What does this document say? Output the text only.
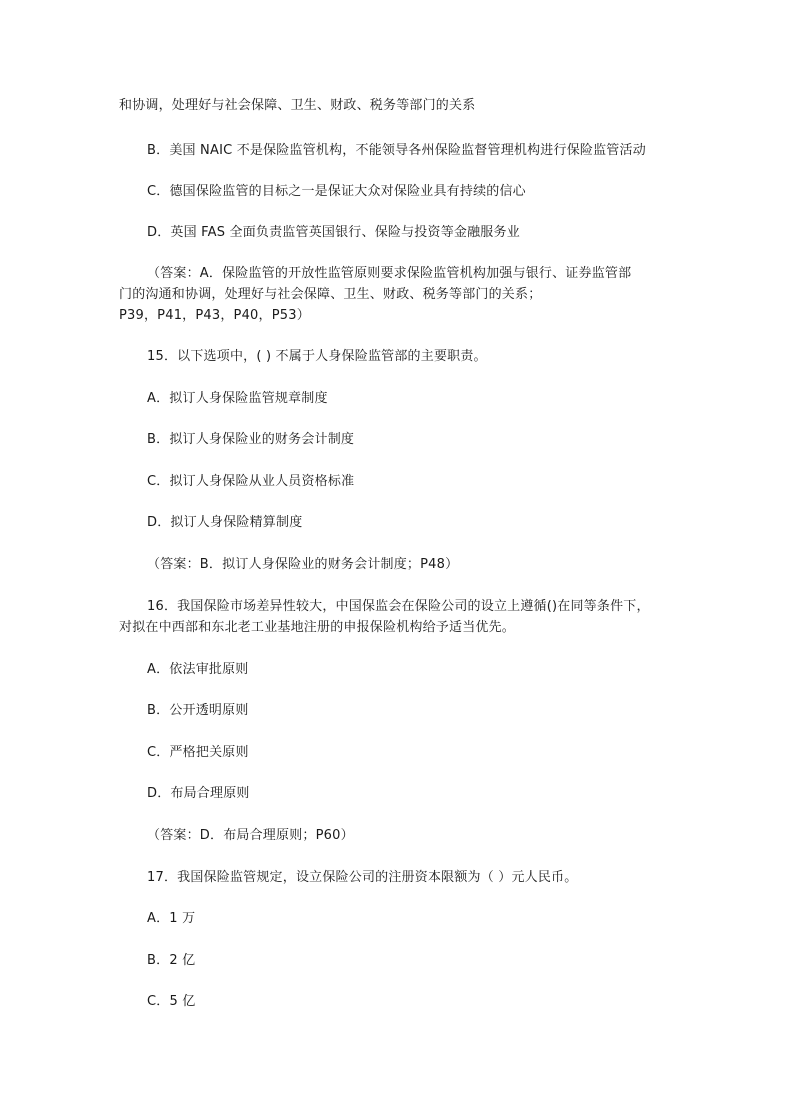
和协调，处理好与社会保障、卫生、财政、税务等部门的关系
B．美国 NAIC 不是保险监管机构，不能领导各州保险监督管理机构进行保险监管活动
C．德国保险监管的目标之一是保证大众对保险业具有持续的信心
D．英国 FAS 全面负责监管英国银行、保险与投资等金融服务业
（答案：A．保险监管的开放性监管原则要求保险监管机构加强与银行、证券监管部
门的沟通和协调，处理好与社会保障、卫生、财政、税务等部门的关系；
P39，P41，P43，P40，P53）
15．以下选项中，( ) 不属于人身保险监管部的主要职责。
A．拟订人身保险监管规章制度
B．拟订人身保险业的财务会计制度
C．拟订人身保险从业人员资格标准
D．拟订人身保险精算制度
（答案：B．拟订人身保险业的财务会计制度；P48）
16．我国保险市场差异性较大，中国保监会在保险公司的设立上遵循()在同等条件下，
对拟在中西部和东北老工业基地注册的申报保险机构给予适当优先。
A．依法审批原则
B．公开透明原则
C．严格把关原则
D．布局合理原则
（答案：D．布局合理原则；P60）
17．我国保险监管规定，设立保险公司的注册资本限额为（ ）元人民币。
A．1 万
B．2 亿
C．5 亿
